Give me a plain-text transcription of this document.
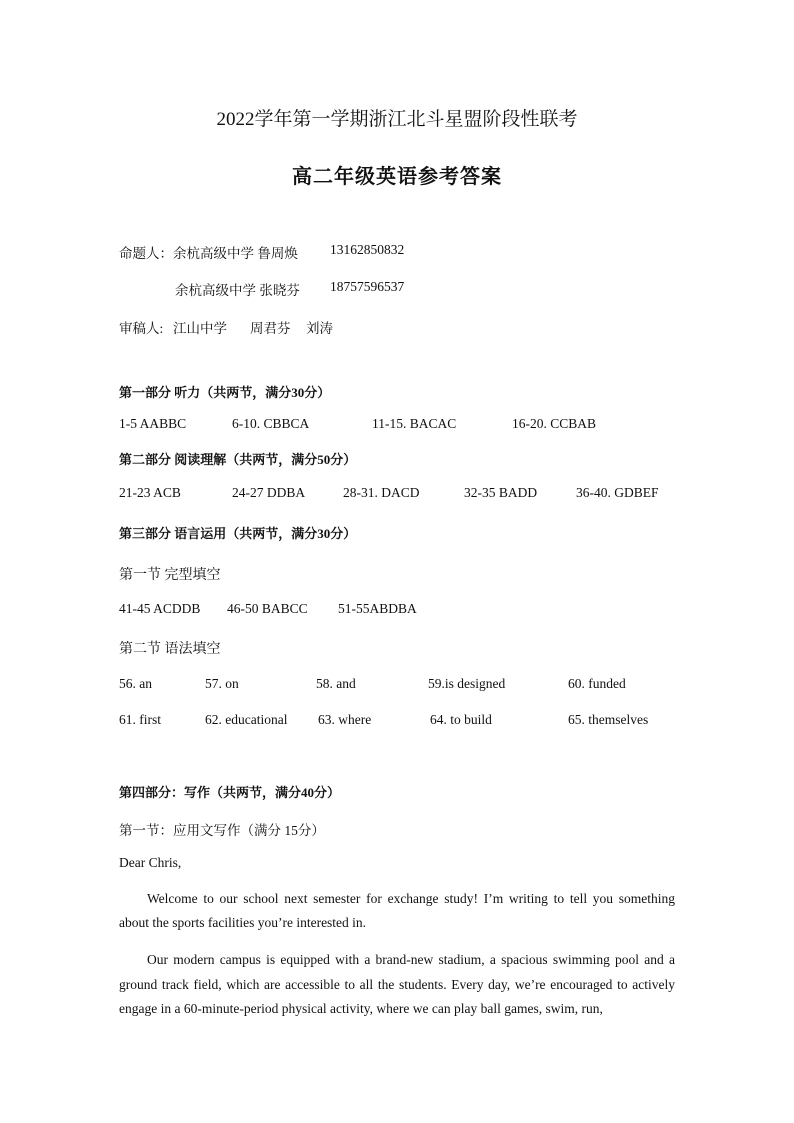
2022学年第一学期浙江北斗星盟阶段性联考
高二年级英语参考答案
命题人：余杭高级中学 鲁周焕 13162850832
余杭高级中学 张晓芬 18757596537
审稿人: 江山中学 周君芬 刘涛
第一部分 听力（共两节，满分30分）
1-5 AABBC	6-10. CBBCA	11-15. BACAC	16-20. CCBAB
第二部分 阅读理解（共两节，满分50分）
21-23 ACB	24-27 DDBA	28-31. DACD	32-35 BADD	36-40. GDBEF
第三部分 语言运用（共两节，满分30分）
第一节 完型填空
41-45 ACDDB 46-50 BABCC 51-55ABDBA
第二节 语法填空
56. an	57. on	58. and	59.is designed	60. funded
61. first	62. educational 63. where	64. to build	65. themselves
第四部分：写作（共两节，满分40分）
第一节：应用文写作（满分 15分）
Dear Chris,
Welcome to our school next semester for exchange study! I’m writing to tell you something about the sports facilities you’re interested in.
Our modern campus is equipped with a brand-new stadium, a spacious swimming pool and a ground track field, which are accessible to all the students. Every day, we’re encouraged to actively engage in a 60-minute-period physical activity, where we can play ball games, swim, run,
